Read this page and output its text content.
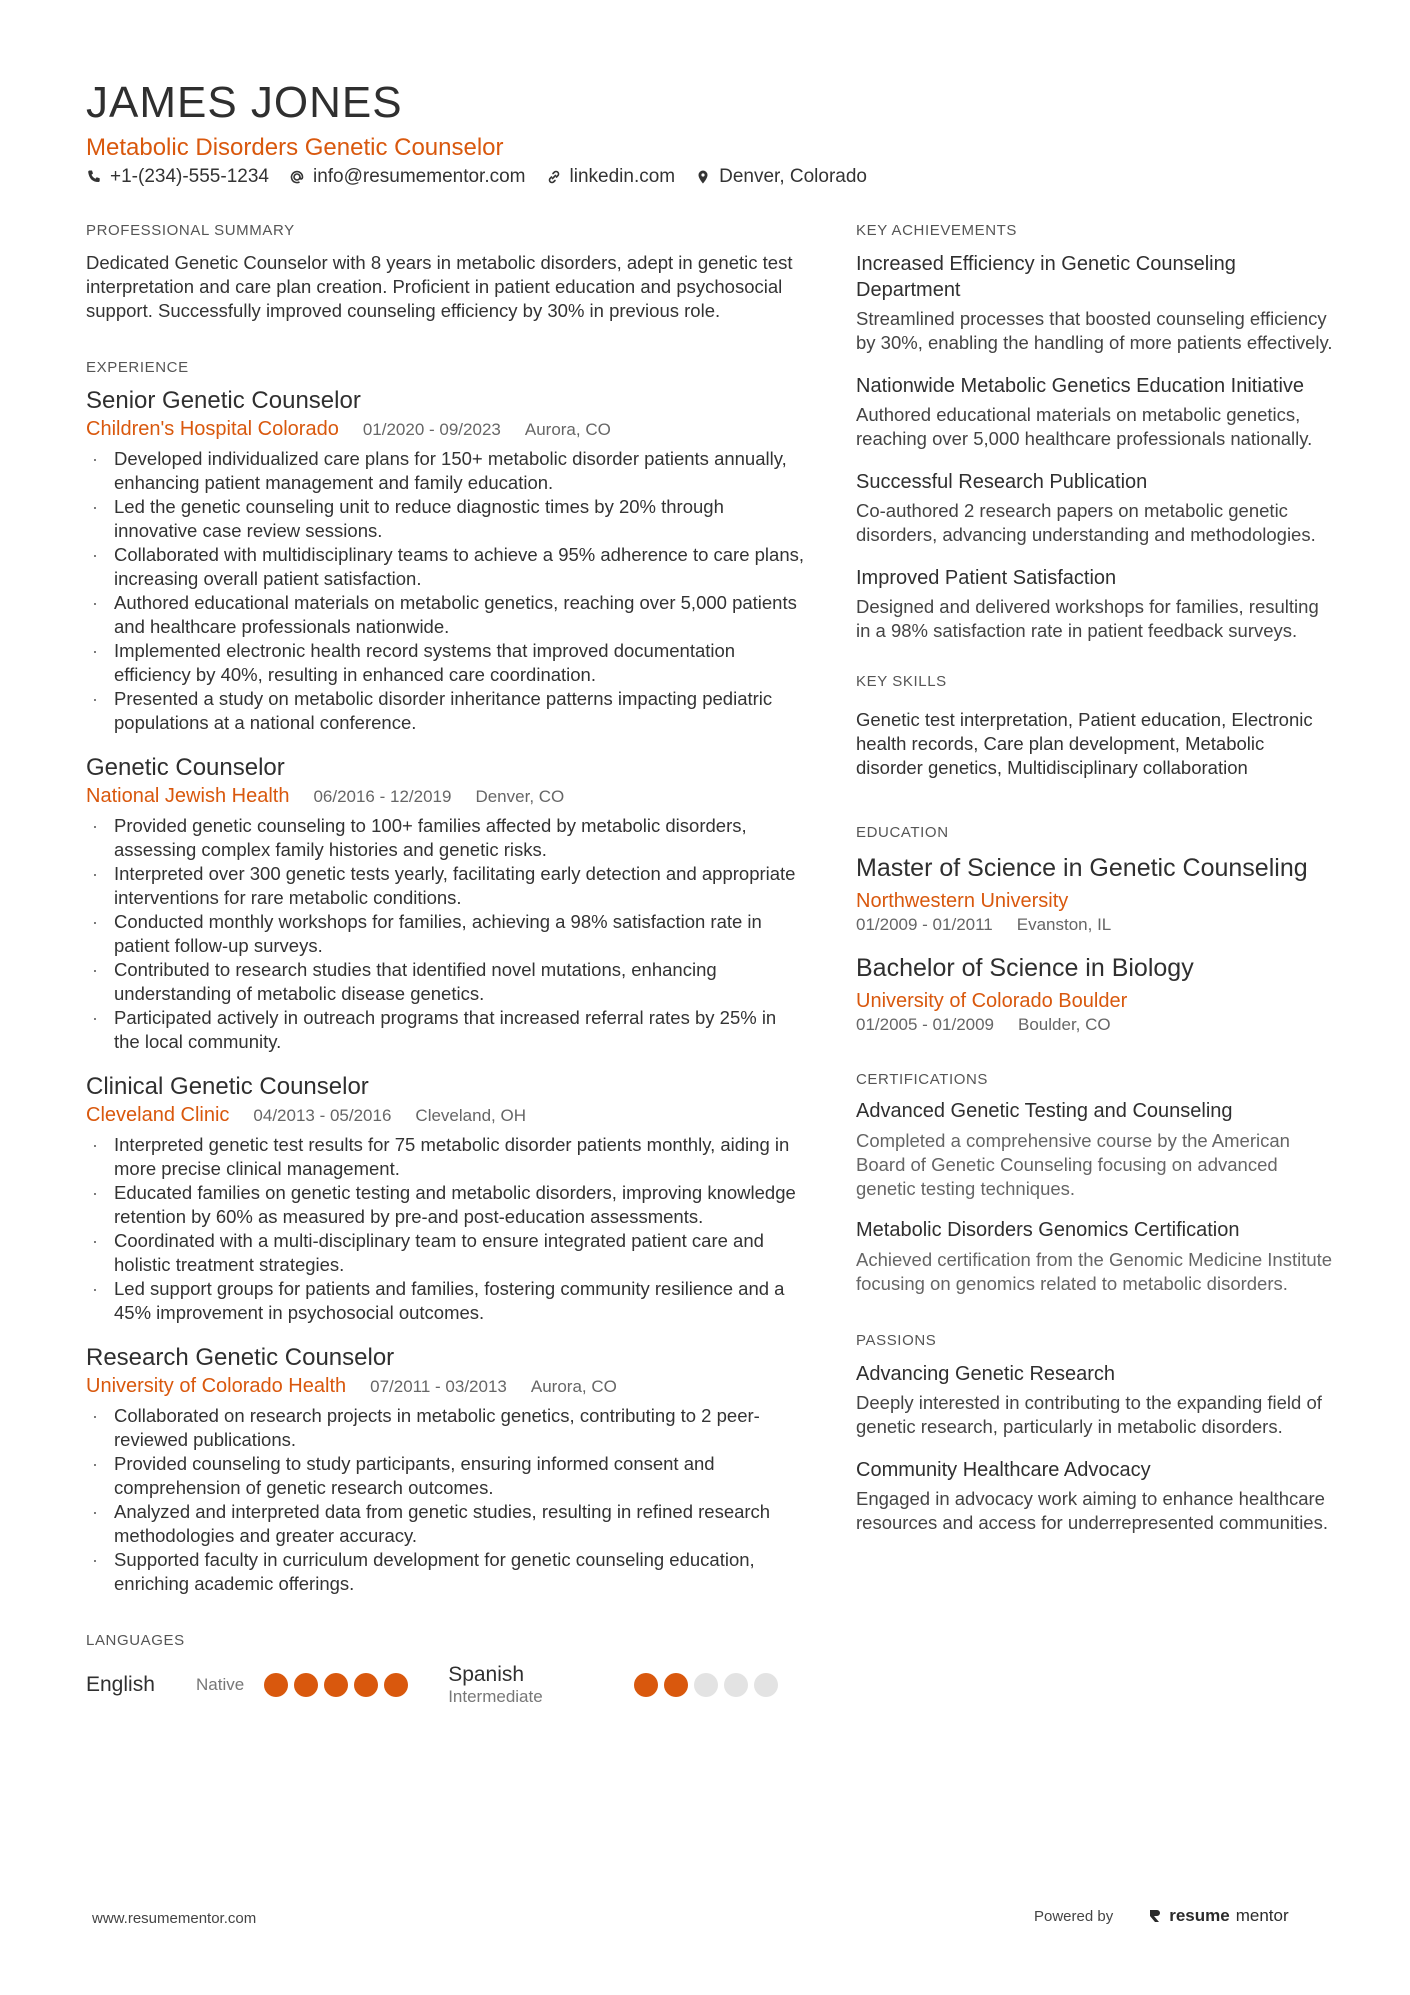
JAMES JONES
Metabolic Disorders Genetic Counselor
+1-(234)-555-1234 info@resumementor.com linkedin.com Denver, Colorado
PROFESSIONAL SUMMARY
Dedicated Genetic Counselor with 8 years in metabolic disorders, adept in genetic test interpretation and care plan creation. Proficient in patient education and psychosocial support. Successfully improved counseling efficiency by 30% in previous role.
EXPERIENCE
Senior Genetic Counselor
Children's Hospital Colorado 01/2020 - 09/2023 Aurora, CO
· Developed individualized care plans for 150+ metabolic disorder patients annually, enhancing patient management and family education.
· Led the genetic counseling unit to reduce diagnostic times by 20% through innovative case review sessions.
· Collaborated with multidisciplinary teams to achieve a 95% adherence to care plans, increasing overall patient satisfaction.
· Authored educational materials on metabolic genetics, reaching over 5,000 patients and healthcare professionals nationwide.
· Implemented electronic health record systems that improved documentation efficiency by 40%, resulting in enhanced care coordination.
· Presented a study on metabolic disorder inheritance patterns impacting pediatric populations at a national conference.
Genetic Counselor
National Jewish Health 06/2016 - 12/2019 Denver, CO
· Provided genetic counseling to 100+ families affected by metabolic disorders, assessing complex family histories and genetic risks.
· Interpreted over 300 genetic tests yearly, facilitating early detection and appropriate interventions for rare metabolic conditions.
· Conducted monthly workshops for families, achieving a 98% satisfaction rate in patient follow-up surveys.
· Contributed to research studies that identified novel mutations, enhancing understanding of metabolic disease genetics.
· Participated actively in outreach programs that increased referral rates by 25% in the local community.
Clinical Genetic Counselor
Cleveland Clinic 04/2013 - 05/2016 Cleveland, OH
· Interpreted genetic test results for 75 metabolic disorder patients monthly, aiding in more precise clinical management.
· Educated families on genetic testing and metabolic disorders, improving knowledge retention by 60% as measured by pre-and post-education assessments.
· Coordinated with a multi-disciplinary team to ensure integrated patient care and holistic treatment strategies.
· Led support groups for patients and families, fostering community resilience and a 45% improvement in psychosocial outcomes.
Research Genetic Counselor
University of Colorado Health 07/2011 - 03/2013 Aurora, CO
· Collaborated on research projects in metabolic genetics, contributing to 2 peer-reviewed publications.
· Provided counseling to study participants, ensuring informed consent and comprehension of genetic research outcomes.
· Analyzed and interpreted data from genetic studies, resulting in refined research methodologies and greater accuracy.
· Supported faculty in curriculum development for genetic counseling education, enriching academic offerings.
LANGUAGES
English	Native	Spanish
Intermediate
KEY ACHIEVEMENTS
Increased Efficiency in Genetic Counseling Department
Streamlined processes that boosted counseling efficiency by 30%, enabling the handling of more patients effectively.
Nationwide Metabolic Genetics Education Initiative
Authored educational materials on metabolic genetics, reaching over 5,000 healthcare professionals nationally.
Successful Research Publication
Co-authored 2 research papers on metabolic genetic disorders, advancing understanding and methodologies.
Improved Patient Satisfaction
Designed and delivered workshops for families, resulting in a 98% satisfaction rate in patient feedback surveys.
KEY SKILLS
Genetic test interpretation, Patient education, Electronic health records, Care plan development, Metabolic disorder genetics, Multidisciplinary collaboration
EDUCATION
Master of Science in Genetic Counseling
Northwestern University
01/2009 - 01/2011 Evanston, IL
Bachelor of Science in Biology
University of Colorado Boulder
01/2005 - 01/2009 Boulder, CO
CERTIFICATIONS
Advanced Genetic Testing and Counseling
Completed a comprehensive course by the American Board of Genetic Counseling focusing on advanced genetic testing techniques.
Metabolic Disorders Genomics Certification
Achieved certification from the Genomic Medicine Institute focusing on genomics related to metabolic disorders.
PASSIONS
Advancing Genetic Research
Deeply interested in contributing to the expanding field of genetic research, particularly in metabolic disorders.
Community Healthcare Advocacy
Engaged in advocacy work aiming to enhance healthcare resources and access for underrepresented communities.
www.resumementor.com	Powered by	resume mentor
